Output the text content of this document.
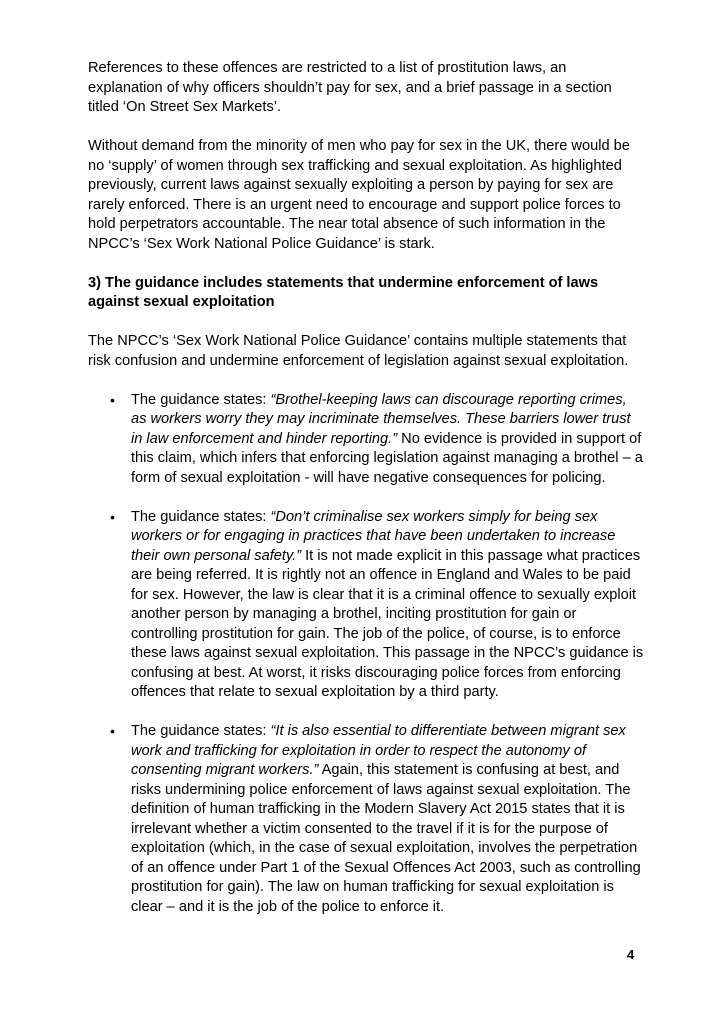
References to these offences are restricted to a list of prostitution laws, an explanation of why officers shouldn’t pay for sex, and a brief passage in a section titled ‘On Street Sex Markets’.

Without demand from the minority of men who pay for sex in the UK, there would be no ‘supply’ of women through sex trafficking and sexual exploitation. As highlighted previously, current laws against sexually exploiting a person by paying for sex are rarely enforced. There is an urgent need to encourage and support police forces to hold perpetrators accountable. The near total absence of such information in the NPCC’s ‘Sex Work National Police Guidance’ is stark.

3) The guidance includes statements that undermine enforcement of laws against sexual exploitation

The NPCC’s ‘Sex Work National Police Guidance’ contains multiple statements that risk confusion and undermine enforcement of legislation against sexual exploitation.

• The guidance states: “Brothel-keeping laws can discourage reporting crimes, as workers worry they may incriminate themselves. These barriers lower trust in law enforcement and hinder reporting.” No evidence is provided in support of this claim, which infers that enforcing legislation against managing a brothel – a form of sexual exploitation - will have negative consequences for policing.
• The guidance states: “Don’t criminalise sex workers simply for being sex workers or for engaging in practices that have been undertaken to increase their own personal safety.” It is not made explicit in this passage what practices are being referred. It is rightly not an offence in England and Wales to be paid for sex. However, the law is clear that it is a criminal offence to sexually exploit another person by managing a brothel, inciting prostitution for gain or controlling prostitution for gain. The job of the police, of course, is to enforce these laws against sexual exploitation. This passage in the NPCC’s guidance is confusing at best. At worst, it risks discouraging police forces from enforcing offences that relate to sexual exploitation by a third party.
• The guidance states: “It is also essential to differentiate between migrant sex work and trafficking for exploitation in order to respect the autonomy of consenting migrant workers.” Again, this statement is confusing at best, and risks undermining police enforcement of laws against sexual exploitation. The definition of human trafficking in the Modern Slavery Act 2015 states that it is irrelevant whether a victim consented to the travel if it is for the purpose of exploitation (which, in the case of sexual exploitation, involves the perpetration of an offence under Part 1 of the Sexual Offences Act 2003, such as controlling prostitution for gain). The law on human trafficking for sexual exploitation is clear – and it is the job of the police to enforce it.
4
